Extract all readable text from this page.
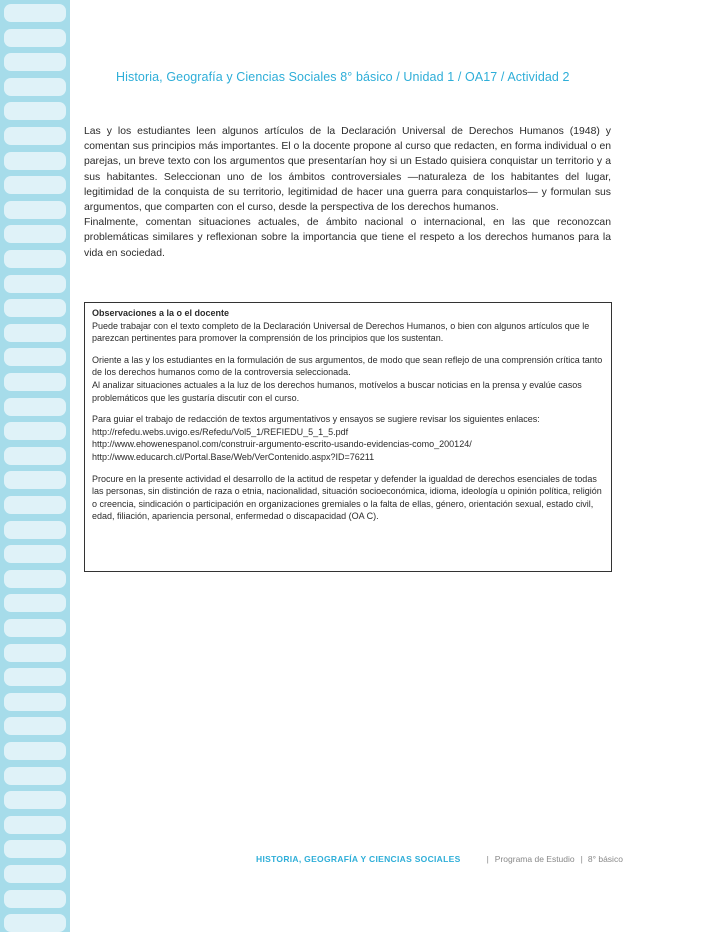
Historia, Geografía y Ciencias Sociales 8° básico / Unidad 1 / OA17 / Actividad 2

Las y los estudiantes leen algunos artículos de la Declaración Universal de Derechos Humanos (1948) y comentan sus principios más importantes. El o la docente propone al curso que redacten, en forma individual o en parejas, un breve texto con los argumentos que presentarían hoy si un Estado quisiera conquistar un territorio y a sus habitantes. Seleccionan uno de los ámbitos controversiales —naturaleza de los habitantes del lugar, legitimidad de la conquista de su territorio, legitimidad de hacer una guerra para conquistarlos— y formulan sus argumentos, que comparten con el curso, desde la perspectiva de los derechos humanos.

Finalmente, comentan situaciones actuales, de ámbito nacional o internacional, en las que reconozcan problemáticas similares y reflexionan sobre la importancia que tiene el respeto a los derechos humanos para la vida en sociedad.

Observaciones a la o el docente

Puede trabajar con el texto completo de la Declaración Universal de Derechos Humanos, o bien con algunos artículos que le parezcan pertinentes para promover la comprensión de los principios que los sustentan.

Oriente a las y los estudiantes en la formulación de sus argumentos, de modo que sean reflejo de una comprensión crítica tanto de los derechos humanos como de la controversia seleccionada.

Al analizar situaciones actuales a la luz de los derechos humanos, motívelos a buscar noticias en la prensa y evalúe casos problemáticos que les gustaría discutir con el curso.

Para guiar el trabajo de redacción de textos argumentativos y ensayos se sugiere revisar los siguientes enlaces:

http://refedu.webs.uvigo.es/Refedu/Vol5_1/REFIEDU_5_1_5.pdf

http://www.ehowenespanol.com/construir-argumento-escrito-usando-evidencias-como_200124/

http://www.educarch.cl/Portal.Base/Web/VerContenido.aspx?ID=76211

Procure en la presente actividad el desarrollo de la actitud de respetar y defender la igualdad de derechos esenciales de todas las personas, sin distinción de raza o etnia, nacionalidad, situación socioeconómica, idioma, ideología u opinión política, religión o creencia, sindicación o participación en organizaciones gremiales o la falta de ellas, género, orientación sexual, estado civil, edad, filiación, apariencia personal, enfermedad o discapacidad (OA C).

HISTORIA, GEOGRAFÍA Y CIENCIAS SOCIALES	| Programa de Estudio | 8° básico
